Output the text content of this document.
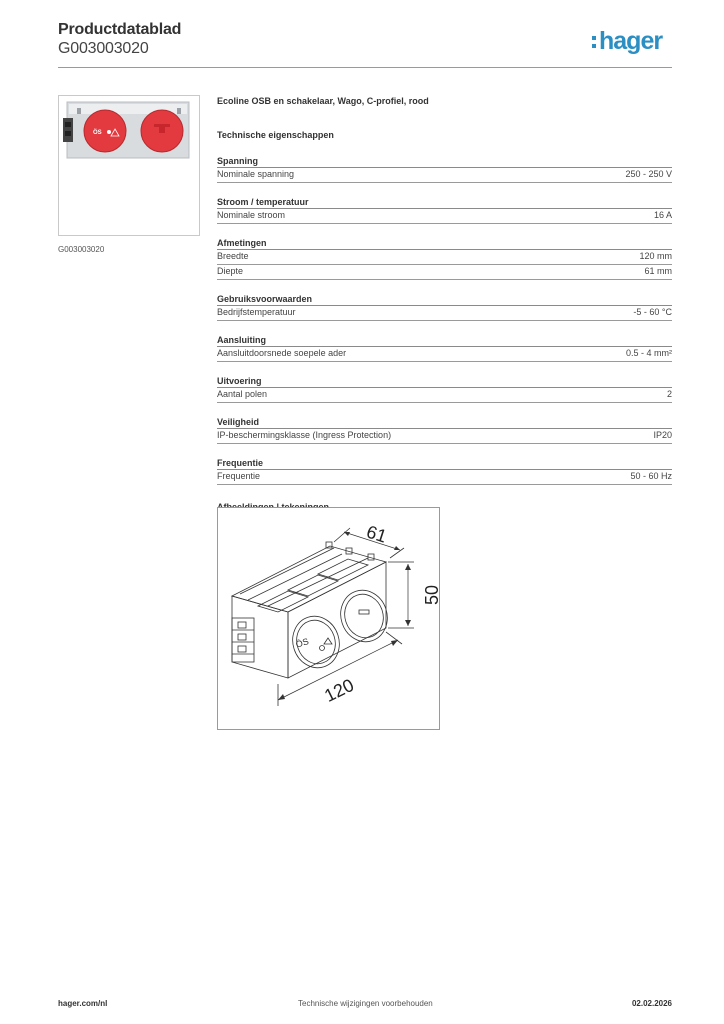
Productdatablad
G003003020	hager
ÖS
G003003020
Ecoline OSB en schakelaar, Wago, C-profiel, rood
Technische eigenschappen
Spanning
Nominale spanning	250 - 250 V
Stroom / temperatuur
Nominale stroom	16 A
Afmetingen
Breedte	120 mm
Diepte	61 mm
Gebruiksvoorwaarden
Bedrijfstemperatuur	-5 - 60 °C
Aansluiting
Aansluitdoorsnede soepele ader	0.5 - 4 mm²
Uitvoering
Aantal polen	2
Veiligheid
IP-beschermingsklasse (Ingress Protection)	IP20
Frequentie
Frequentie	50 - 60 Hz
ÖS
61
50
120
hager.com/nl	Technische wijzigingen voorbehouden	02.02.2026
